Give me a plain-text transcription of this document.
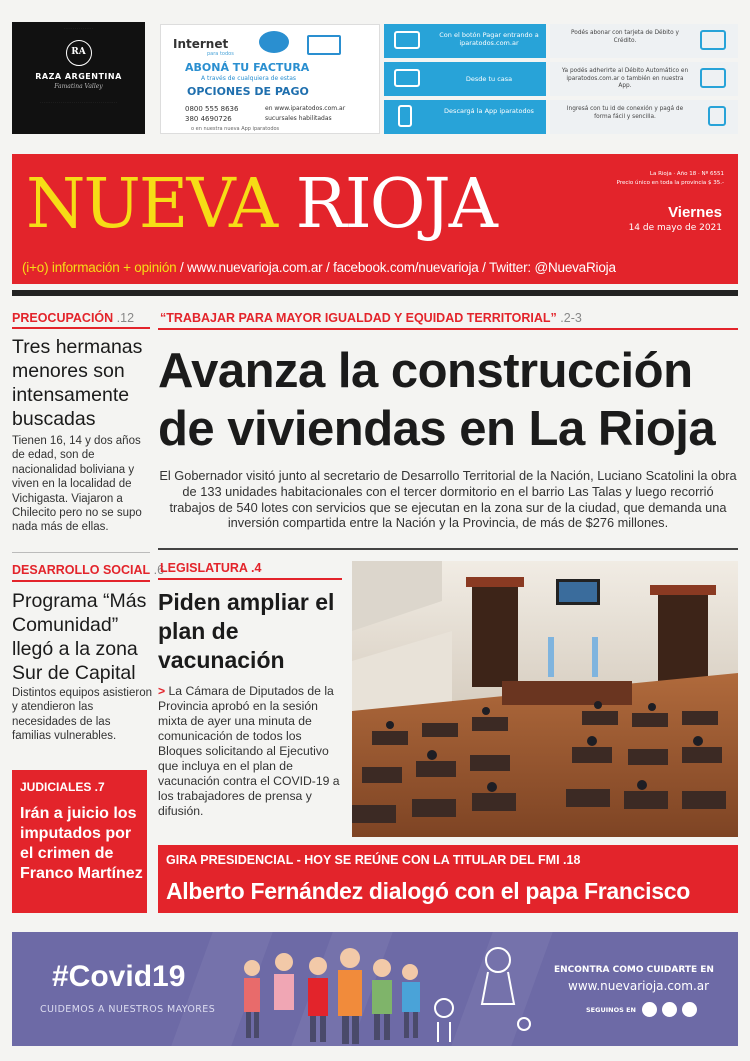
· · · · · · · · · · · · · · · ·
RA
RAZA ARGENTINA
Famatina Valley
· · · · · · · · · · · · · · · · · · · · · · · · · · · · · · · · · · · · · · · · ·
Internet
para todos
ABONÁ TU FACTURA
A través de cualquiera de estas
OPCIONES DE PAGO
0800 555 8636
380 4690726
en www.iparatodos.com.ar
sucursales habilitadas
o en nuestra nueva App iparatodos
Con el botón Pagar entrando a iparatodos.com.ar
Podés abonar con tarjeta de Débito y Crédito.
Desde tu casa
Ya podés adherirte al Débito Automático en iparatodos.com.ar o también en nuestra App.
Descargá la App iparatodos	Ingresá con tu id de conexión y pagá de forma fácil y sencilla.
NUEVA RIOJA	La Rioja · Año 18 · Nº 6551
Precio único en toda la provincia $ 35.-
Viernes
14 de mayo de 2021
(i+o) información + opinión / www.nuevarioja.com.ar / facebook.com/nuevarioja / Twitter: @NuevaRioja
PREOCUPACIÓN .12
Tres hermanas menores son intensamente buscadas
Tienen 16, 14 y dos años de edad, son de nacionalidad boliviana y viven en la localidad de Vichigasta. Viajaron a Chilecito pero no se supo nada más de ellas.
DESARROLLO SOCIAL .6
Programa “Más Comunidad” llegó a la zona Sur de Capital
Distintos equipos asistieron y atendieron las necesidades de las familias vulnerables.
JUDICIALES .7
Irán a juicio los imputados por el crimen de Franco Martínez
“TRABAJAR PARA MAYOR IGUALDAD Y EQUIDAD TERRITORIAL” .2-3
Avanza la construcción de viviendas en La Rioja
El Gobernador visitó junto al secretario de Desarrollo Territorial de la Nación, Luciano Scatolini la obra de 133 unidades habitacionales con el tercer dormitorio en el barrio Las Talas y luego recorrió trabajos de 540 lotes con servicios que se ejecutan en la zona sur de la ciudad, que demanda una inversión compartida entre la Nación y la Provincia, de más de $276 millones.
LEGISLATURA .4
Piden ampliar el plan de vacunación
> La Cámara de Diputados de la Provincia aprobó en la sesión mixta de ayer una minuta de comunicación de todos los Bloques solicitando al Ejecutivo que incluya en el plan de vacunación contra el COVID-19 a los trabajadores de prensa y difusión.
GIRA PRESIDENCIAL - HOY SE REÚNE CON LA TITULAR DEL FMI .18
Alberto Fernández dialogó con el papa Francisco
#Covid19
CUIDEMOS A NUESTROS MAYORES
ENCONTRA COMO CUIDARTE EN
www.nuevarioja.com.ar
SEGUINOS EN
